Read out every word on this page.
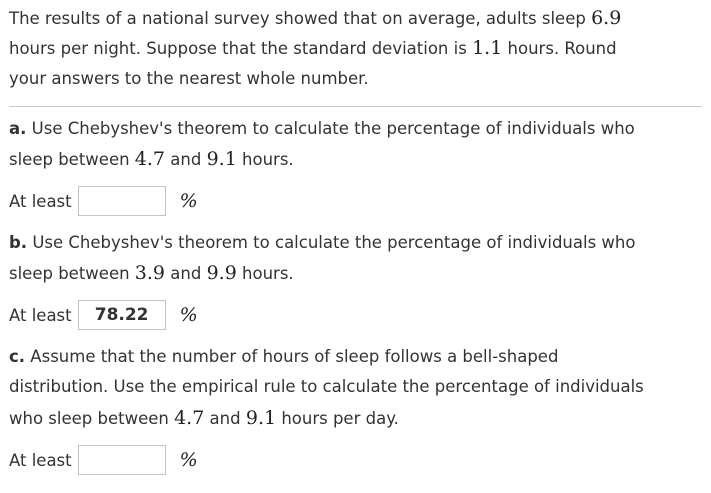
The results of a national survey showed that on average, adults sleep 6.9
hours per night. Suppose that the standard deviation is 1.1 hours. Round
your answers to the nearest whole number.
a. Use Chebyshev's theorem to calculate the percentage of individuals who
sleep between 4.7 and 9.1 hours.
At least	%
b. Use Chebyshev's theorem to calculate the percentage of individuals who
sleep between 3.9 and 9.9 hours.
At least
78.22	%
c. Assume that the number of hours of sleep follows a bell-shaped
distribution. Use the empirical rule to calculate the percentage of individuals
who sleep between 4.7 and 9.1 hours per day.
At least	%
